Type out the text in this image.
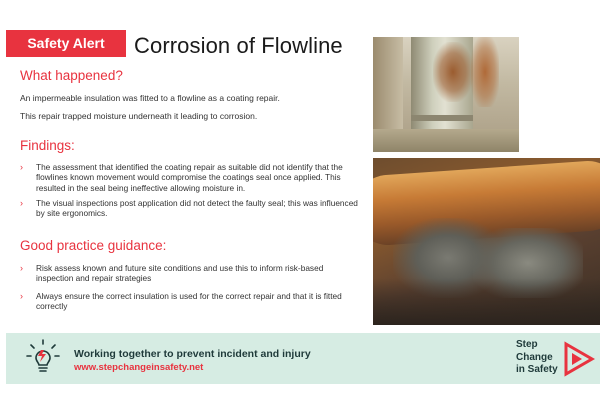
Safety Alert	Corrosion of Flowline
What happened?
An impermeable insulation was fitted to a flowline as a coating repair.
This repair trapped moisture underneath it leading to corrosion.
Findings:
›	The assessment that identified the coating repair as suitable did not identify that the flowlines known movement would compromise the coatings seal once applied. This resulted in the seal being ineffective allowing moisture in.
›	The visual inspections post application did not detect the faulty seal; this was influenced by site ergonomics.
Good practice guidance:
›	Risk assess known and future site conditions and use this to inform risk-based inspection and repair strategies
›	Always ensure the correct insulation is used for the correct repair and that it is fitted correctly
Working together to prevent incident and injury
www.stepchangeinsafety.net
Step
Change
in Safety
